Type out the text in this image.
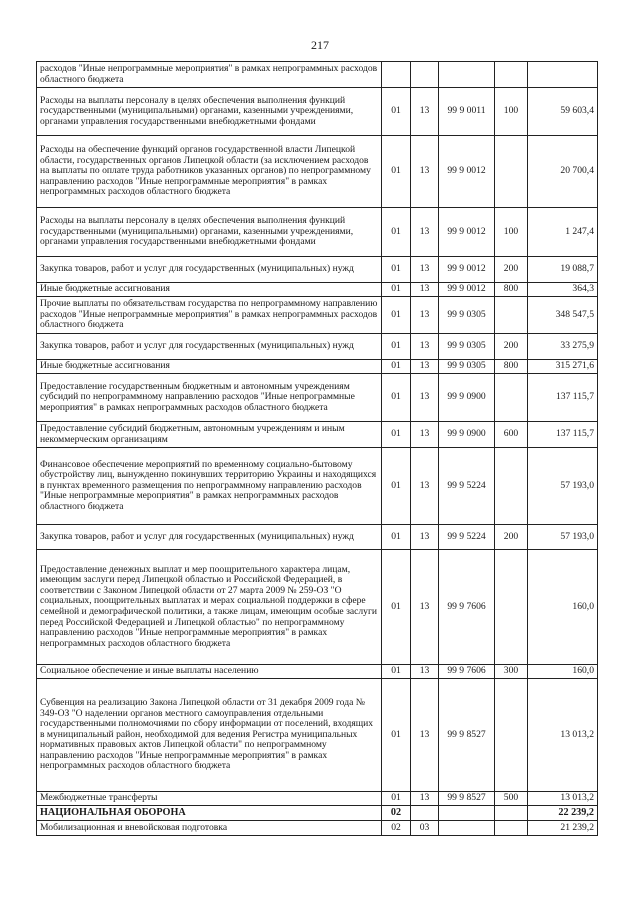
217
расходов "Иные непрограммные мероприятия" в рамках непрограммных расходов областного бюджета					
Расходы на выплаты персоналу в целях обеспечения выполнения функций государственными (муниципальными) органами, казенными учреждениями, органами управления государственными внебюджетными фондами	01	13	99 9 0011	100	59 603,4
Расходы на обеспечение функций органов государственной власти Липецкой области, государственных органов Липецкой области (за исключением расходов на выплаты по оплате труда работников указанных органов) по непрограммному направлению расходов "Иные непрограммные мероприятия" в рамках непрограммных расходов областного бюджета	01	13	99 9 0012		20 700,4
Расходы на выплаты персоналу в целях обеспечения выполнения функций государственными (муниципальными) органами, казенными учреждениями, органами управления государственными внебюджетными фондами	01	13	99 9 0012	100	1 247,4
Закупка товаров, работ и услуг для государственных (муниципальных) нужд	01	13	99 9 0012	200	19 088,7
Иные бюджетные ассигнования	01	13	99 9 0012	800	364,3
Прочие выплаты по обязательствам государства по непрограммному направлению расходов "Иные непрограммные мероприятия" в рамках непрограммных расходов областного бюджета	01	13	99 9 0305		348 547,5
Закупка товаров, работ и услуг для государственных (муниципальных) нужд	01	13	99 9 0305	200	33 275,9
Иные бюджетные ассигнования	01	13	99 9 0305	800	315 271,6
Предоставление государственным бюджетным и автономным учреждениям субсидий по непрограммному направлению расходов "Иные непрограммные мероприятия" в рамках непрограммных расходов областного бюджета	01	13	99 9 0900		137 115,7
Предоставление субсидий бюджетным, автономным учреждениям и иным некоммерческим организациям	01	13	99 9 0900	600	137 115,7
Финансовое обеспечение мероприятий по временному социально-бытовому обустройству лиц, вынужденно покинувших территорию Украины и находящихся в пунктах временного размещения по непрограммному направлению расходов "Иные непрограммные мероприятия" в рамках непрограммных расходов областного бюджета	01	13	99 9 5224		57 193,0
Закупка товаров, работ и услуг для государственных (муниципальных) нужд	01	13	99 9 5224	200	57 193,0
Предоставление денежных выплат и мер поощрительного характера лицам, имеющим заслуги перед Липецкой областью и Российской Федерацией, в соответствии с Законом Липецкой области от 27 марта 2009 № 259-ОЗ "О социальных, поощрительных выплатах и мерах социальной поддержки в сфере семейной и демографической политики, а также лицам, имеющим особые заслуги перед Российской Федерацией и Липецкой областью" по непрограммному направлению расходов "Иные непрограммные мероприятия" в рамках непрограммных расходов областного бюджета	01	13	99 9 7606		160,0
Социальное обеспечение и иные выплаты населению	01	13	99 9 7606	300	160,0
Субвенция на реализацию Закона Липецкой области от 31 декабря 2009 года № 349-ОЗ "О наделении органов местного самоуправления отдельными государственными полномочиями по сбору информации от поселений, входящих в муниципальный район, необходимой для ведения Регистра муниципальных нормативных правовых актов Липецкой области" по непрограммному направлению расходов "Иные непрограммные мероприятия" в рамках непрограммных расходов областного бюджета	01	13	99 9 8527		13 013,2
Межбюджетные трансферты	01	13	99 9 8527	500	13 013,2
НАЦИОНАЛЬНАЯ ОБОРОНА	02				22 239,2
Мобилизационная и вневойсковая подготовка	02	03			21 239,2
